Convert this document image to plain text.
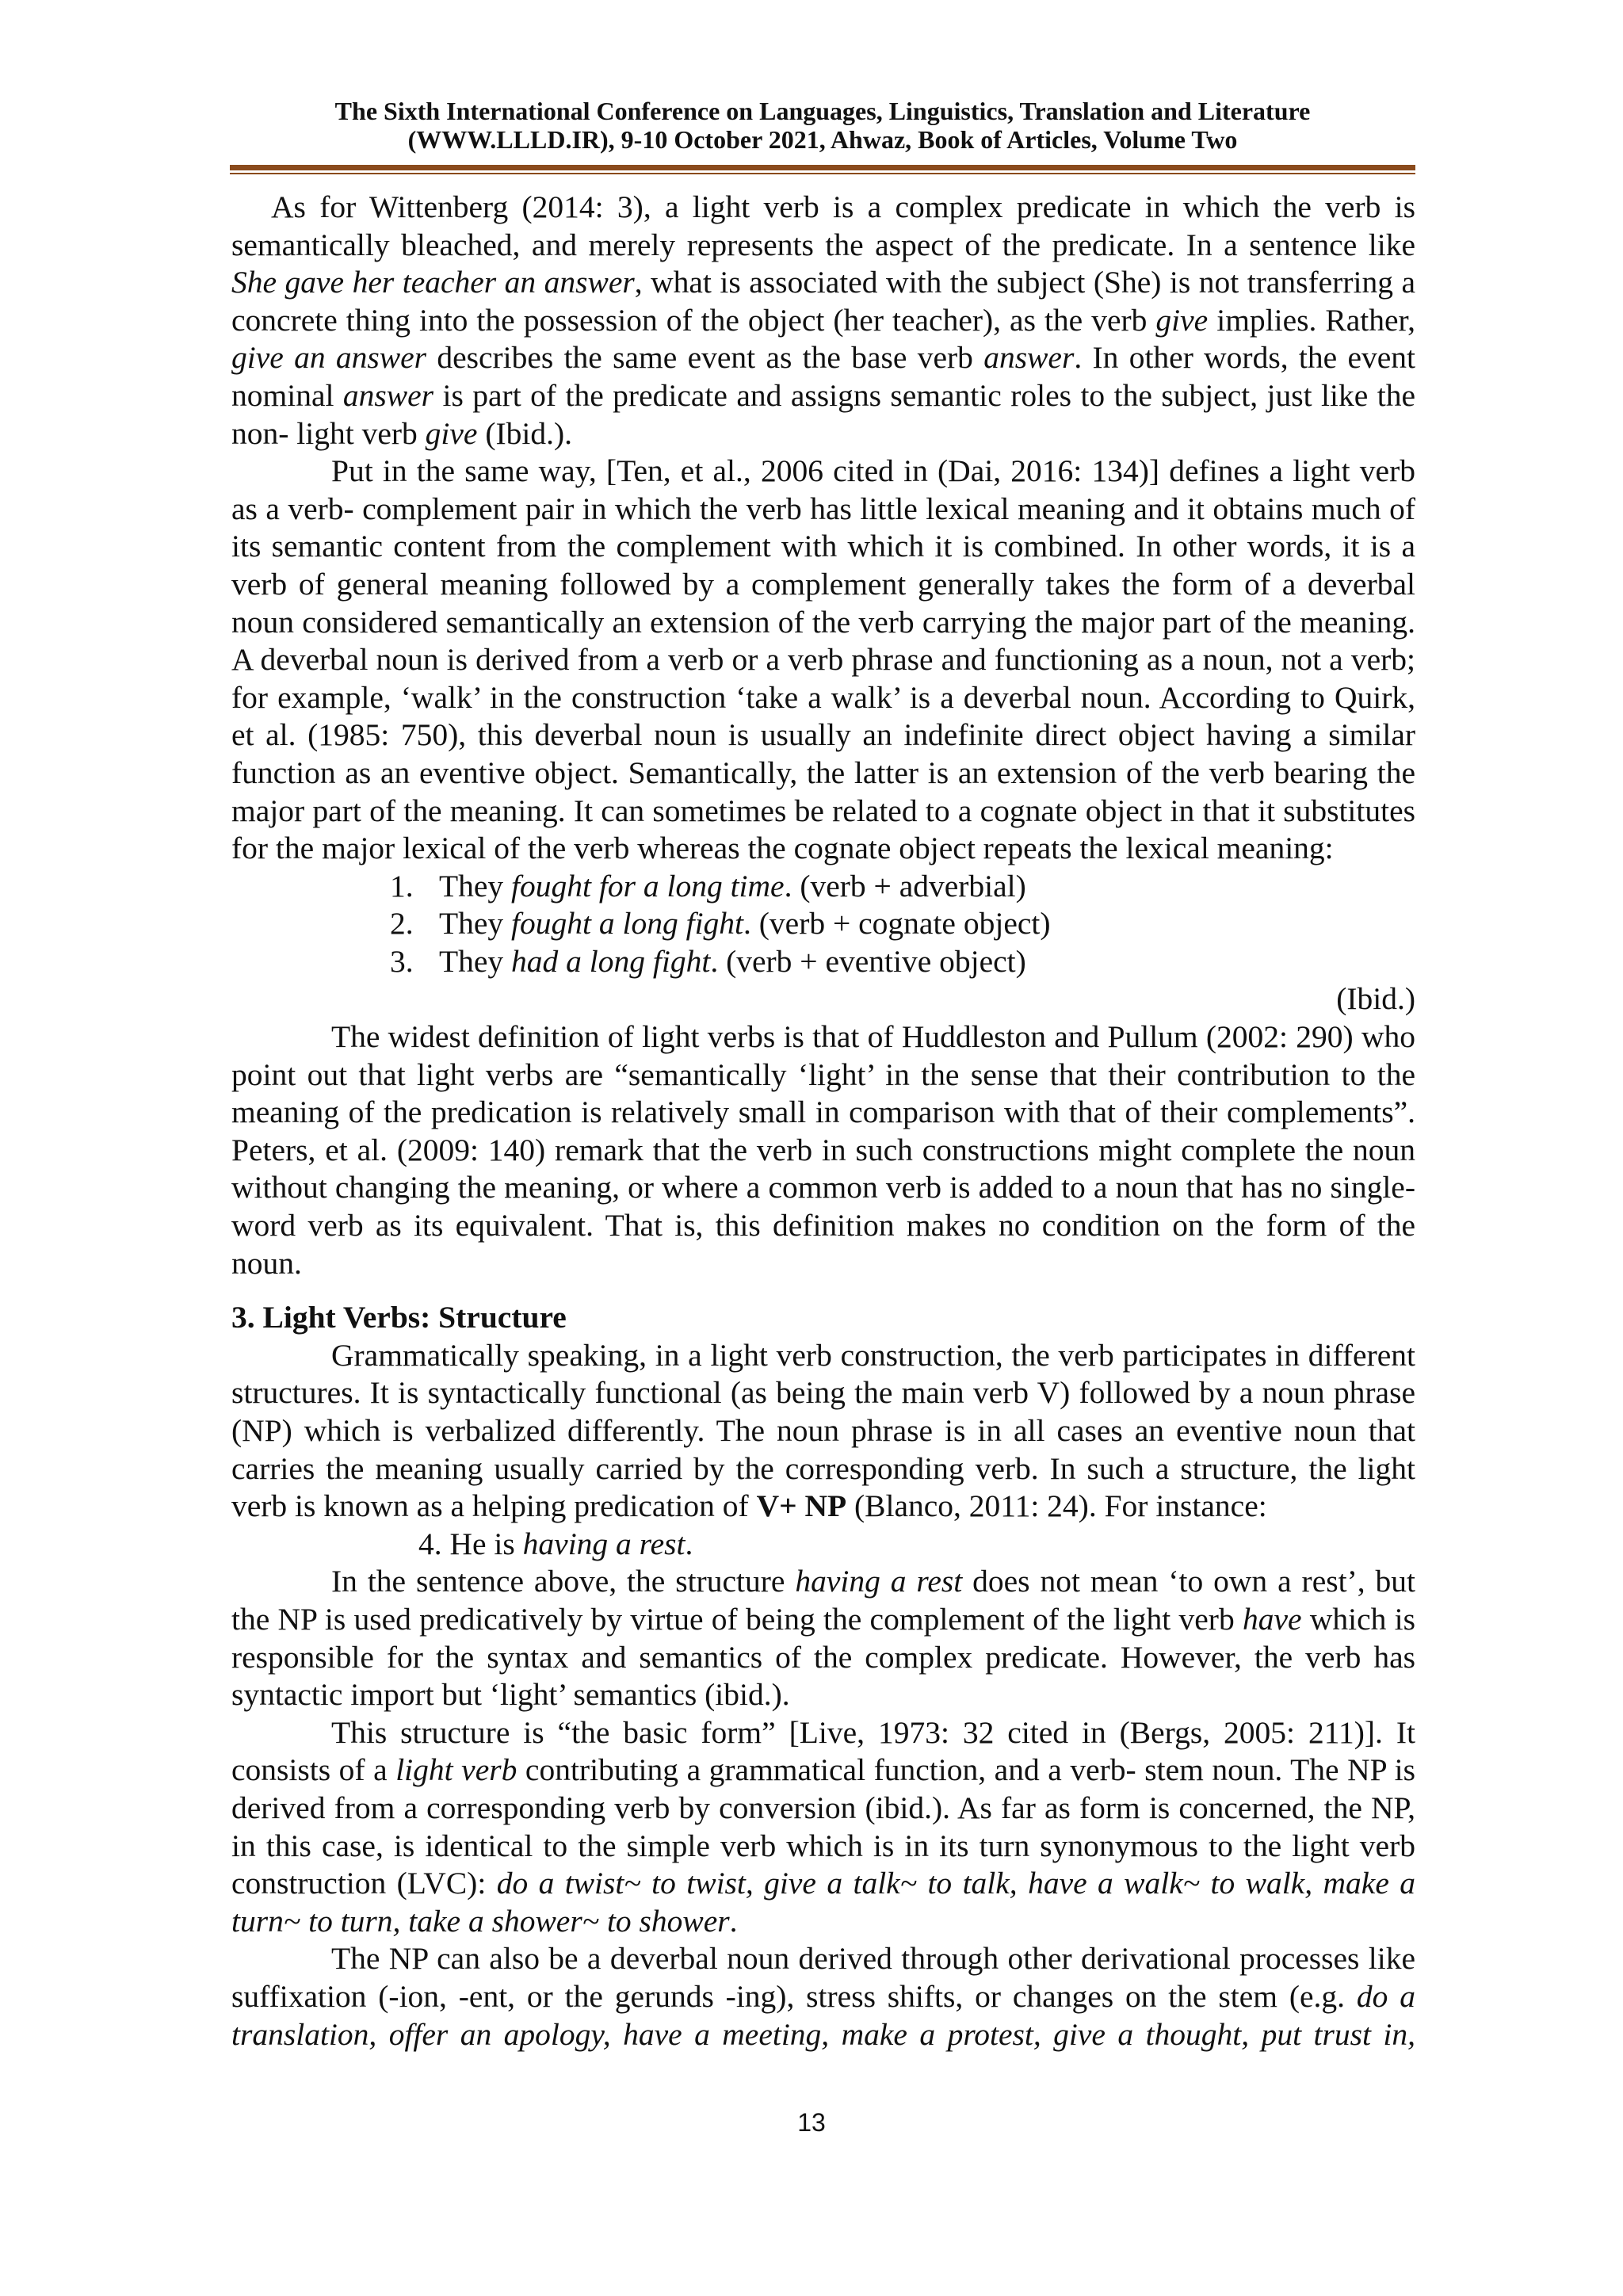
The Sixth International Conference on Languages, Linguistics, Translation and Literature
(WWW.LLLD.IR), 9-10 October 2021, Ahwaz, Book of Articles, Volume Two

As for Wittenberg (2014: 3), a light verb is a complex predicate in which the verb is semantically bleached, and merely represents the aspect of the predicate. In a sentence like She gave her teacher an answer, what is associated with the subject (She) is not transferring a concrete thing into the possession of the object (her teacher), as the verb give implies. Rather, give an answer describes the same event as the base verb answer. In other words, the event nominal answer is part of the predicate and assigns semantic roles to the subject, just like the non- light verb give (Ibid.).

Put in the same way, [Ten, et al., 2006 cited in (Dai, 2016: 134)] defines a light verb as a verb- complement pair in which the verb has little lexical meaning and it obtains much of its semantic content from the complement with which it is combined. In other words, it is a verb of general meaning followed by a complement generally takes the form of a deverbal noun considered semantically an extension of the verb carrying the major part of the meaning. A deverbal noun is derived from a verb or a verb phrase and functioning as a noun, not a verb; for example, ‘walk’ in the construction ‘take a walk’ is a deverbal noun. According to Quirk, et al. (1985: 750), this deverbal noun is usually an indefinite direct object having a similar function as an eventive object. Semantically, the latter is an extension of the verb bearing the major part of the meaning. It can sometimes be related to a cognate object in that it substitutes for the major lexical of the verb whereas the cognate object repeats the lexical meaning:

1. They fought for a long time. (verb + adverbial)
2. They fought a long fight. (verb + cognate object)
3. They had a long fight. (verb + eventive object)

(Ibid.)

The widest definition of light verbs is that of Huddleston and Pullum (2002: 290) who point out that light verbs are “semantically ‘light’ in the sense that their contribution to the meaning of the predication is relatively small in comparison with that of their complements”. Peters, et al. (2009: 140) remark that the verb in such constructions might complete the noun without changing the meaning, or where a common verb is added to a noun that has no single- word verb as its equivalent. That is, this definition makes no condition on the form of the noun.

3. Light Verbs: Structure

Grammatically speaking, in a light verb construction, the verb participates in different structures. It is syntactically functional (as being the main verb V) followed by a noun phrase (NP) which is verbalized differently. The noun phrase is in all cases an eventive noun that carries the meaning usually carried by the corresponding verb. In such a structure, the light verb is known as a helping predication of V+ NP (Blanco, 2011: 24). For instance:

4. He is having a rest.

In the sentence above, the structure having a rest does not mean ‘to own a rest’, but the NP is used predicatively by virtue of being the complement of the light verb have which is responsible for the syntax and semantics of the complex predicate. However, the verb has syntactic import but ‘light’ semantics (ibid.).

This structure is “the basic form” [Live, 1973: 32 cited in (Bergs, 2005: 211)]. It consists of a light verb contributing a grammatical function, and a verb- stem noun. The NP is derived from a corresponding verb by conversion (ibid.). As far as form is concerned, the NP, in this case, is identical to the simple verb which is in its turn synonymous to the light verb construction (LVC): do a twist~ to twist, give a talk~ to talk, have a walk~ to walk, make a turn~ to turn, take a shower~ to shower.

The NP can also be a deverbal noun derived through other derivational processes like suffixation (-ion, -ent, or the gerunds -ing), stress shifts, or changes on the stem (e.g. do a translation, offer an apology, have a meeting, make a protest, give a thought, put trust in,

13
